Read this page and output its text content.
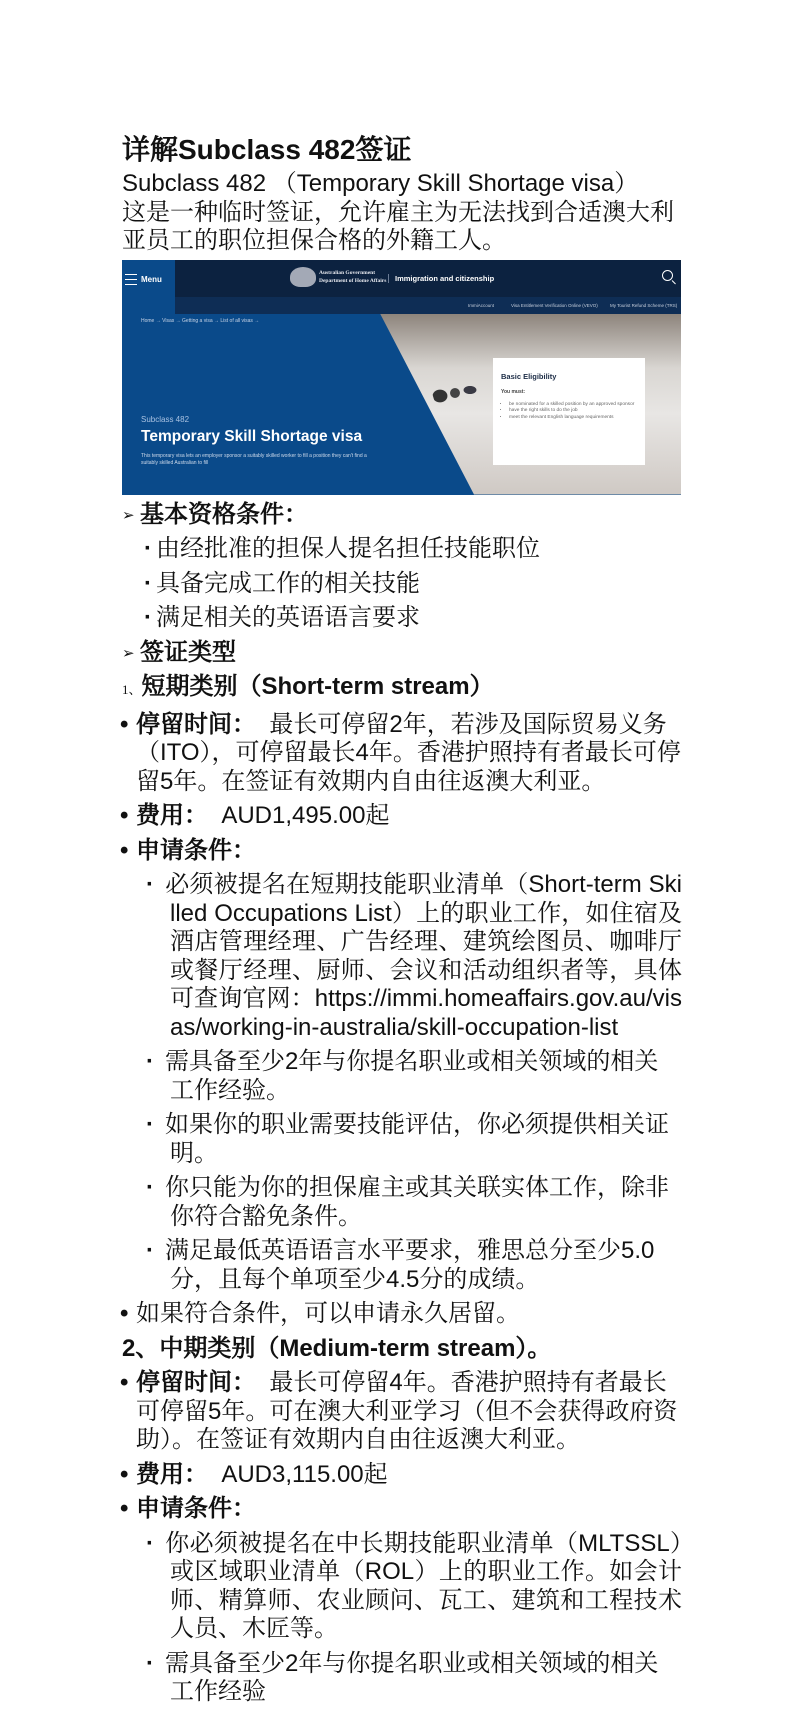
详解Subclass 482签证
Subclass 482 （Temporary Skill Shortage visa）
这是一种临时签证，允许雇主为无法找到合适澳大利亚员工的职位担保合格的外籍工人。
Menu
Australian Government
Department of Home Affairs	Immigration and citizenship
ImmiAccount	Visa Entitlement Verification Online (VEVO)	My Tourist Refund Scheme (TRS)
Home → Visas → Getting a visa → List of all visas →
Subclass 482
Temporary Skill Shortage visa
This temporary visa lets an employer sponsor a suitably skilled worker to fill a position they can't find a suitably skilled Australian to fill
Basic Eligibility
You must:
• be nominated for a skilled position by an approved sponsor
• have the right skills to do the job
• meet the relevant English language requirements
➢ 基本资格条件：
· 由经批准的担保人提名担任技能职位
· 具备完成工作的相关技能
· 满足相关的英语语言要求
➢ 签证类型
1、短期类别（Short-term stream）
• 停留时间： 最长可停留2年，若涉及国际贸易义务（ITO），可停留最长4年。香港护照持有者最长可停留5年。在签证有效期内自由往返澳大利亚。
• 费用： AUD1,495.00起
• 申请条件：
· 必须被提名在短期技能职业清单（Short-term Skilled Occupations List）上的职业工作，如住宿及酒店管理经理、广告经理、建筑绘图员、咖啡厅或餐厅经理、厨师、会议和活动组织者等，具体可查询官网：https://immi.homeaffairs.gov.au/visas/working-in-australia/skill-occupation-list
· 需具备至少2年与你提名职业或相关领域的相关工作经验。
· 如果你的职业需要技能评估，你必须提供相关证明。
· 你只能为你的担保雇主或其关联实体工作，除非你符合豁免条件。
· 满足最低英语语言水平要求，雅思总分至少5.0分，且每个单项至少4.5分的成绩。
• 如果符合条件，可以申请永久居留。
2、中期类别（Medium-term stream）。
• 停留时间： 最长可停留4年。香港护照持有者最长可停留5年。可在澳大利亚学习（但不会获得政府资助）。在签证有效期内自由往返澳大利亚。
• 费用： AUD3,115.00起
• 申请条件：
· 你必须被提名在中长期技能职业清单（MLTSSL）或区域职业清单（ROL）上的职业工作。如会计师、精算师、农业顾问、瓦工、建筑和工程技术人员、木匠等。
· 需具备至少2年与你提名职业或相关领域的相关工作经验
